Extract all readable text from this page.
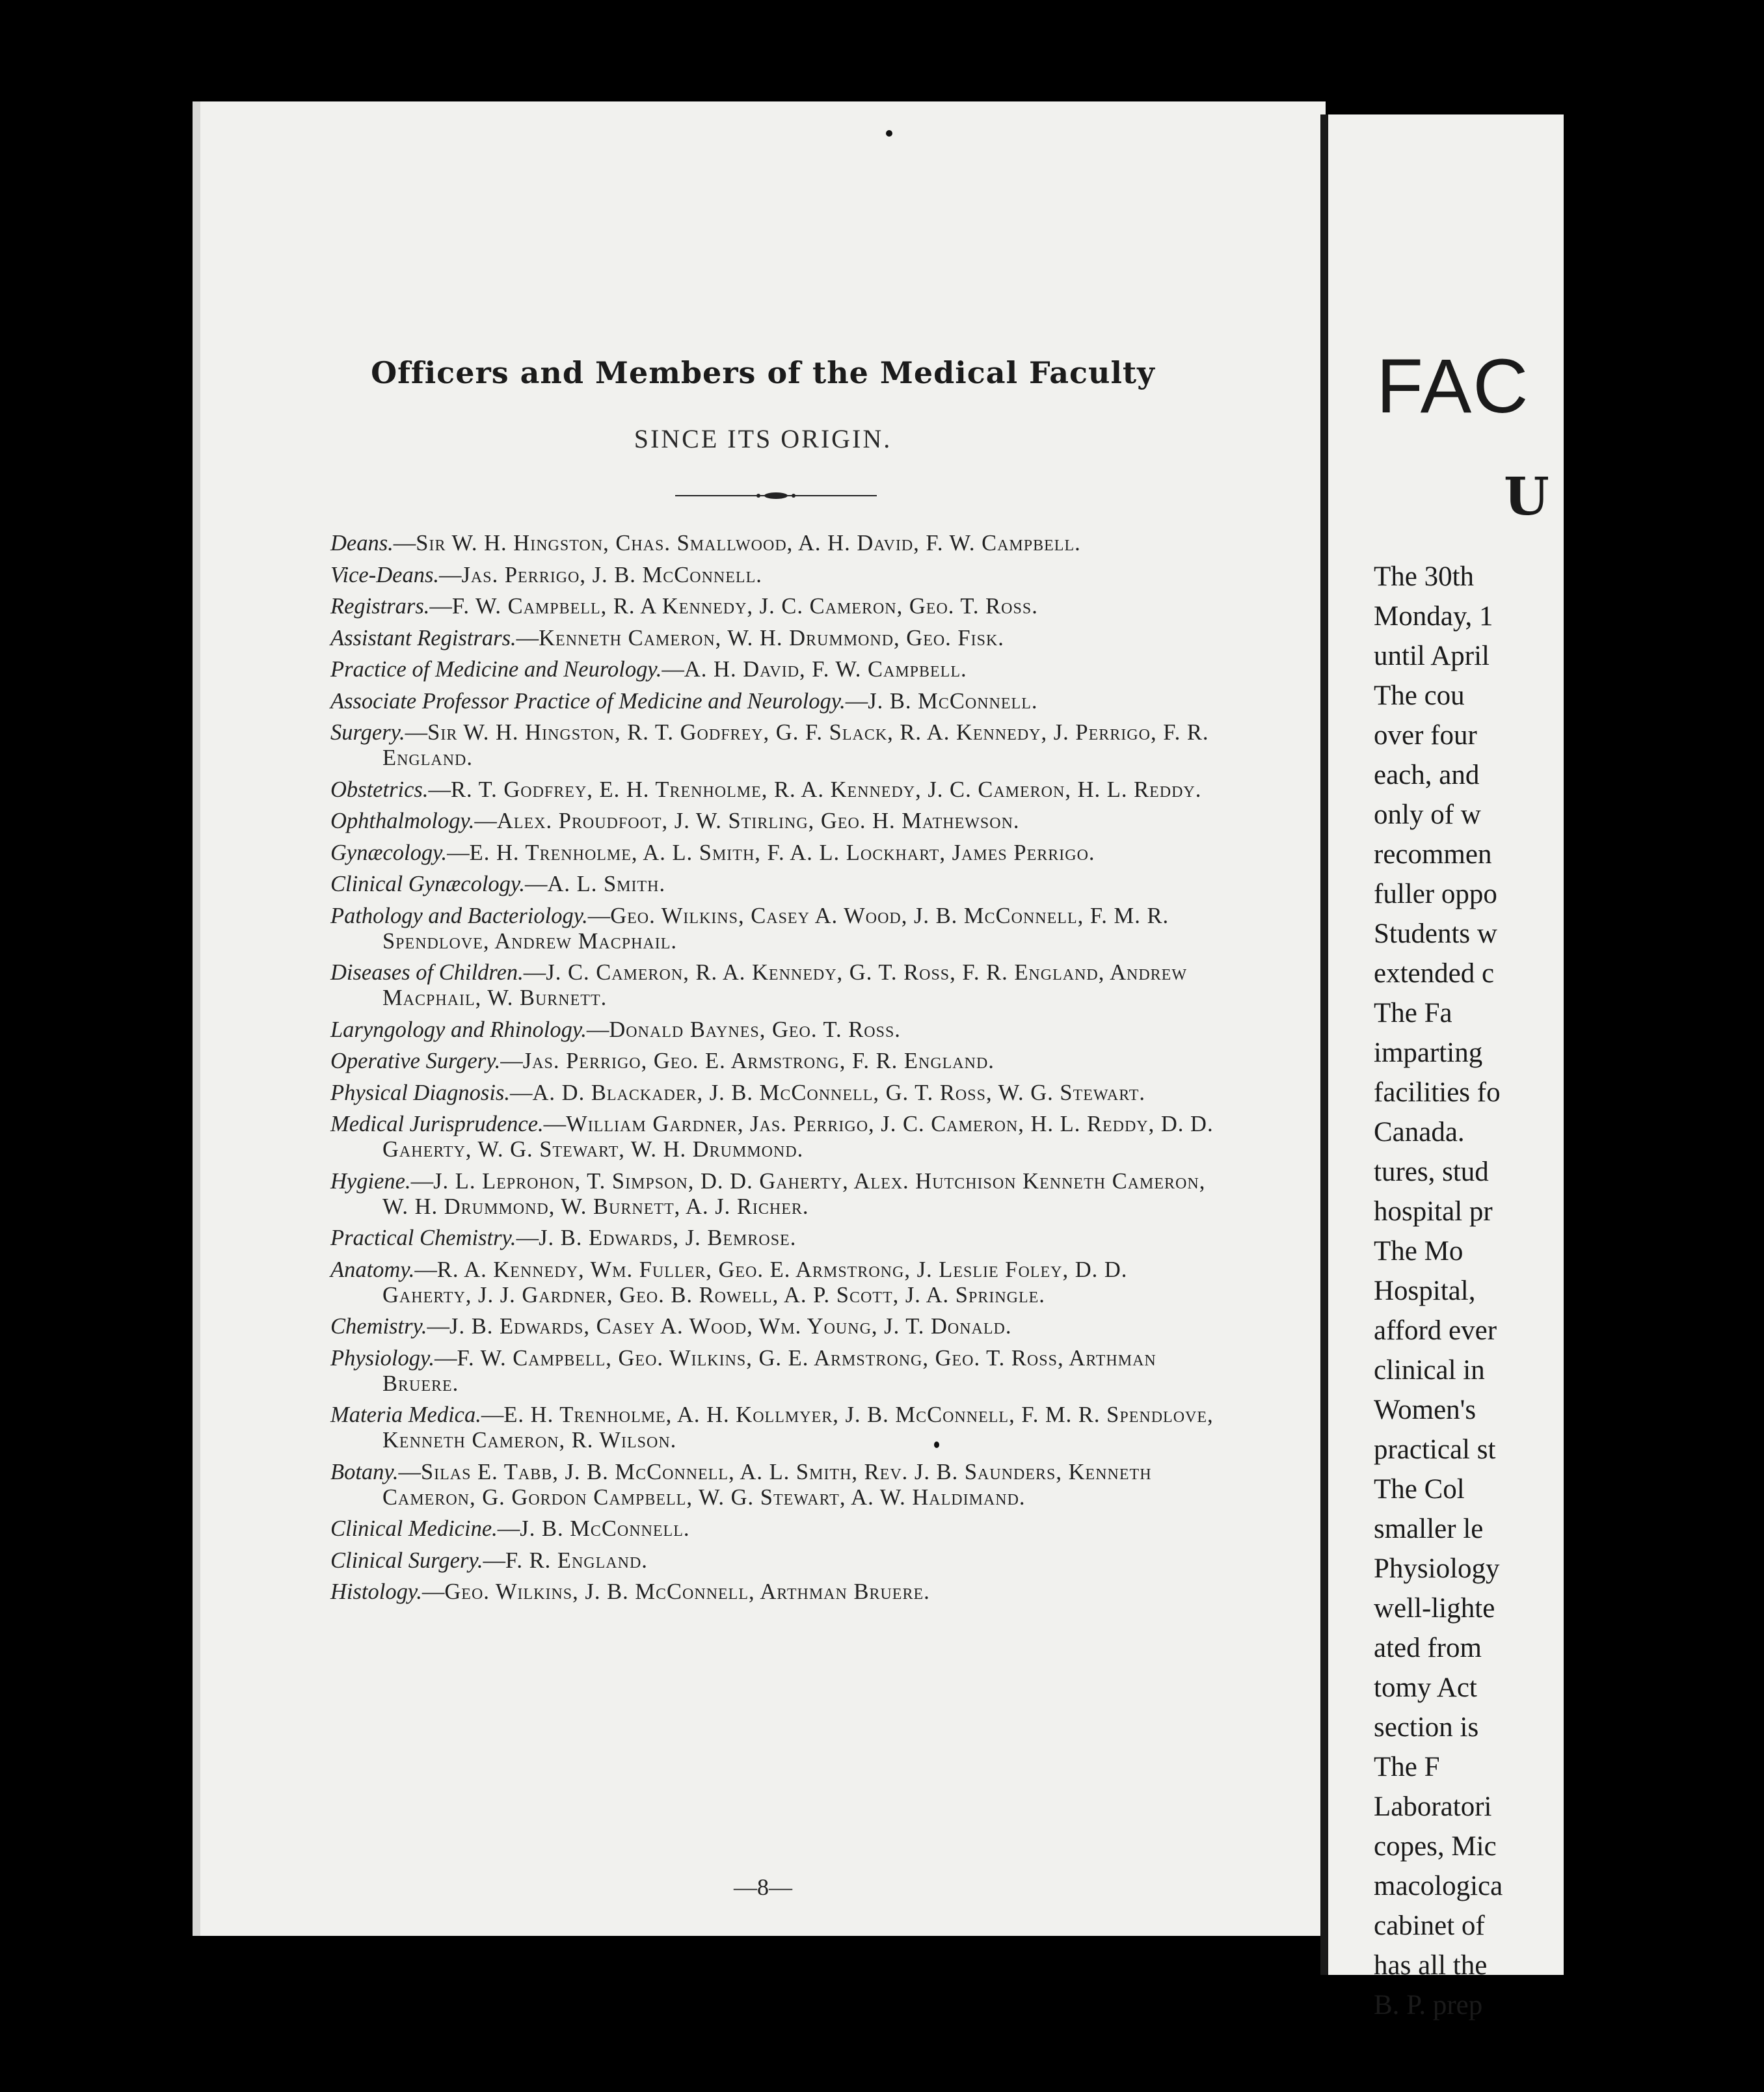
Officers and Members of the Medical Faculty
SINCE ITS ORIGIN.
Deans.—Sir W. H. Hingston, Chas. Smallwood, A. H. David, F. W. Campbell.
Vice-Deans.—Jas. Perrigo, J. B. McConnell.
Registrars.—F. W. Campbell, R. A Kennedy, J. C. Cameron, Geo. T. Ross.
Assistant Registrars.—Kenneth Cameron, W. H. Drummond, Geo. Fisk.
Practice of Medicine and Neurology.—A. H. David, F. W. Campbell.
Associate Professor Practice of Medicine and Neurology.—J. B. McConnell.
Surgery.—Sir W. H. Hingston, R. T. Godfrey, G. F. Slack, R. A. Kennedy, J. Perrigo, F. R. England.
Obstetrics.—R. T. Godfrey, E. H. Trenholme, R. A. Kennedy, J. C. Cameron, H. L. Reddy.
Ophthalmology.—Alex. Proudfoot, J. W. Stirling, Geo. H. Mathewson.
Gynæcology.—E. H. Trenholme, A. L. Smith, F. A. L. Lockhart, James Perrigo.
Clinical Gynæcology.—A. L. Smith.
Pathology and Bacteriology.—Geo. Wilkins, Casey A. Wood, J. B. McConnell, F. M. R. Spendlove, Andrew Macphail.
Diseases of Children.—J. C. Cameron, R. A. Kennedy, G. T. Ross, F. R. England, Andrew Macphail, W. Burnett.
Laryngology and Rhinology.—Donald Baynes, Geo. T. Ross.
Operative Surgery.—Jas. Perrigo, Geo. E. Armstrong, F. R. England.
Physical Diagnosis.—A. D. Blackader, J. B. McConnell, G. T. Ross, W. G. Stewart.
Medical Jurisprudence.—William Gardner, Jas. Perrigo, J. C. Cameron, H. L. Reddy, D. D. Gaherty, W. G. Stewart, W. H. Drummond.
Hygiene.—J. L. Leprohon, T. Simpson, D. D. Gaherty, Alex. Hutchison Kenneth Cameron, W. H. Drummond, W. Burnett, A. J. Richer.
Practical Chemistry.—J. B. Edwards, J. Bemrose.
Anatomy.—R. A. Kennedy, Wm. Fuller, Geo. E. Armstrong, J. Leslie Foley, D. D. Gaherty, J. J. Gardner, Geo. B. Rowell, A. P. Scott, J. A. Springle.
Chemistry.—J. B. Edwards, Casey A. Wood, Wm. Young, J. T. Donald.
Physiology.—F. W. Campbell, Geo. Wilkins, G. E. Armstrong, Geo. T. Ross, Arthman Bruere.
Materia Medica.—E. H. Trenholme, A. H. Kollmyer, J. B. McConnell, F. M. R. Spendlove, Kenneth Cameron, R. Wilson.
Botany.—Silas E. Tabb, J. B. McConnell, A. L. Smith, Rev. J. B. Saunders, Kenneth Cameron, G. Gordon Campbell, W. G. Stewart, A. W. Haldimand.
Clinical Medicine.—J. B. McConnell.
Clinical Surgery.—F. R. England.
Histology.—Geo. Wilkins, J. B. McConnell, Arthman Bruere.
—8—
FAC
U
The 30th
Monday, 1
until April
The cou
over four
each, and
only of w
recommen
fuller oppo
Students w
extended c
The Fa
imparting
facilities fo
Canada.
tures, stud
hospital pr
The Mo
Hospital,
afford ever
clinical in
Women's
practical st
The Col
smaller le
Physiology
well-lighte
ated from
tomy Act
section is
The F
Laboratori
copes, Mic
macologica
cabinet of
has all the
B. P. prep
